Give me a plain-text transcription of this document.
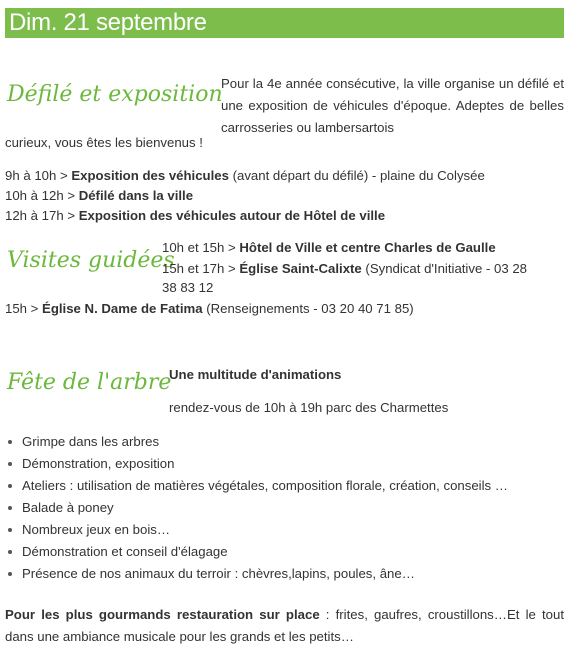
Dim. 21 septembre
Défilé et exposition

Pour la 4e année consécutive, la ville organise un défilé et une exposition de véhicules d'époque. Adeptes de belles carrosseries ou lambersartois

curieux, vous êtes les bienvenus !

9h à 10h > Exposition des véhicules (avant départ du défilé) - plaine du Colysée
10h à 12h > Défilé dans la ville
12h à 17h > Exposition des véhicules autour de Hôtel de ville
Visites guidées
10h et 15h > Hôtel de Ville et centre Charles de Gaulle
15h et 17h > Église Saint-Calixte (Syndicat d'Initiative - 03 28
38 83 12
15h > Église N. Dame de Fatima (Renseignements - 03 20 40 71 85)
Fête de l'arbre
Une multitude d'animations
rendez-vous de 10h à 19h parc des Charmettes
Grimpe dans les arbres
Démonstration, exposition
Ateliers : utilisation de matières végétales, composition florale, création, conseils …
Balade à poney
Nombreux jeux en bois…
Démonstration et conseil d'élagage
Présence de nos animaux du terroir : chèvres,lapins, poules, âne…

Pour les plus gourmands restauration sur place : frites, gaufres, croustillons…Et le tout dans une ambiance musicale pour les grands et les petits…
